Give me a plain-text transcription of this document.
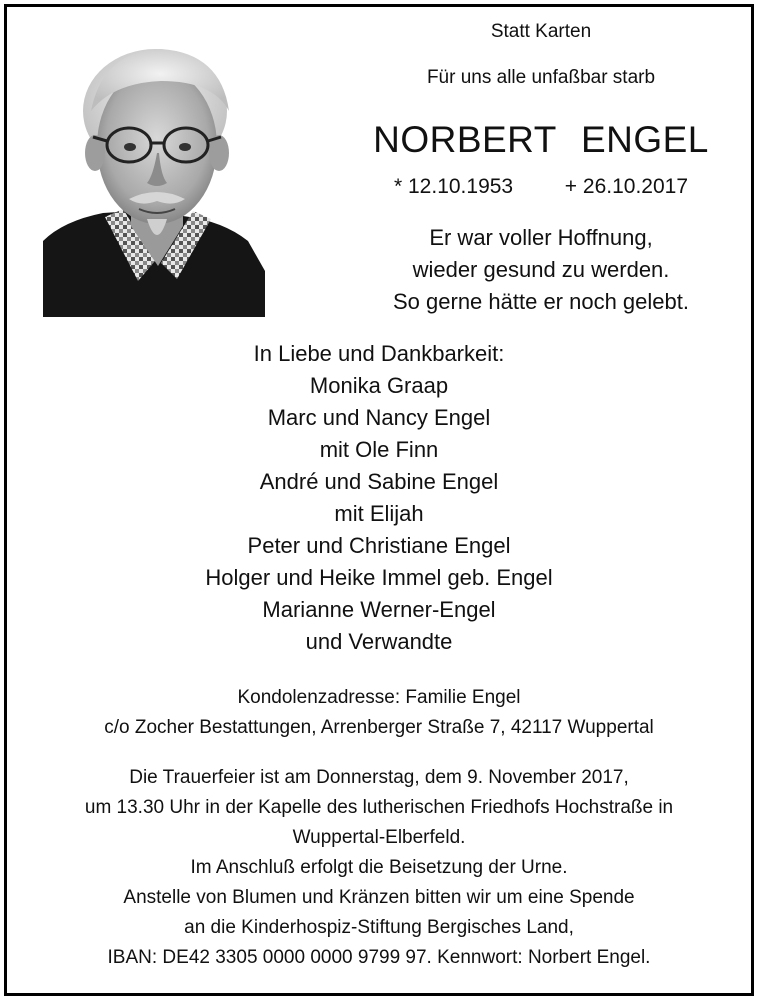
Statt Karten
Für uns alle unfaßbar starb
NORBERT ENGEL
* 12.10.1953 + 26.10.2017
Er war voller Hoffnung,
wieder gesund zu werden.
So gerne hätte er noch gelebt.
In Liebe und Dankbarkeit:
Monika Graap
Marc und Nancy Engel
mit Ole Finn
André und Sabine Engel
mit Elijah
Peter und Christiane Engel
Holger und Heike Immel geb. Engel
Marianne Werner-Engel
und Verwandte
Kondolenzadresse: Familie Engel
c/o Zocher Bestattungen, Arrenberger Straße 7, 42117 Wuppertal
Die Trauerfeier ist am Donnerstag, dem 9. November 2017,
um 13.30 Uhr in der Kapelle des lutherischen Friedhofs Hochstraße in
Wuppertal-Elberfeld.
Im Anschluß erfolgt die Beisetzung der Urne.
Anstelle von Blumen und Kränzen bitten wir um eine Spende
an die Kinderhospiz-Stiftung Bergisches Land,
IBAN: DE42 3305 0000 0000 9799 97. Kennwort: Norbert Engel.
